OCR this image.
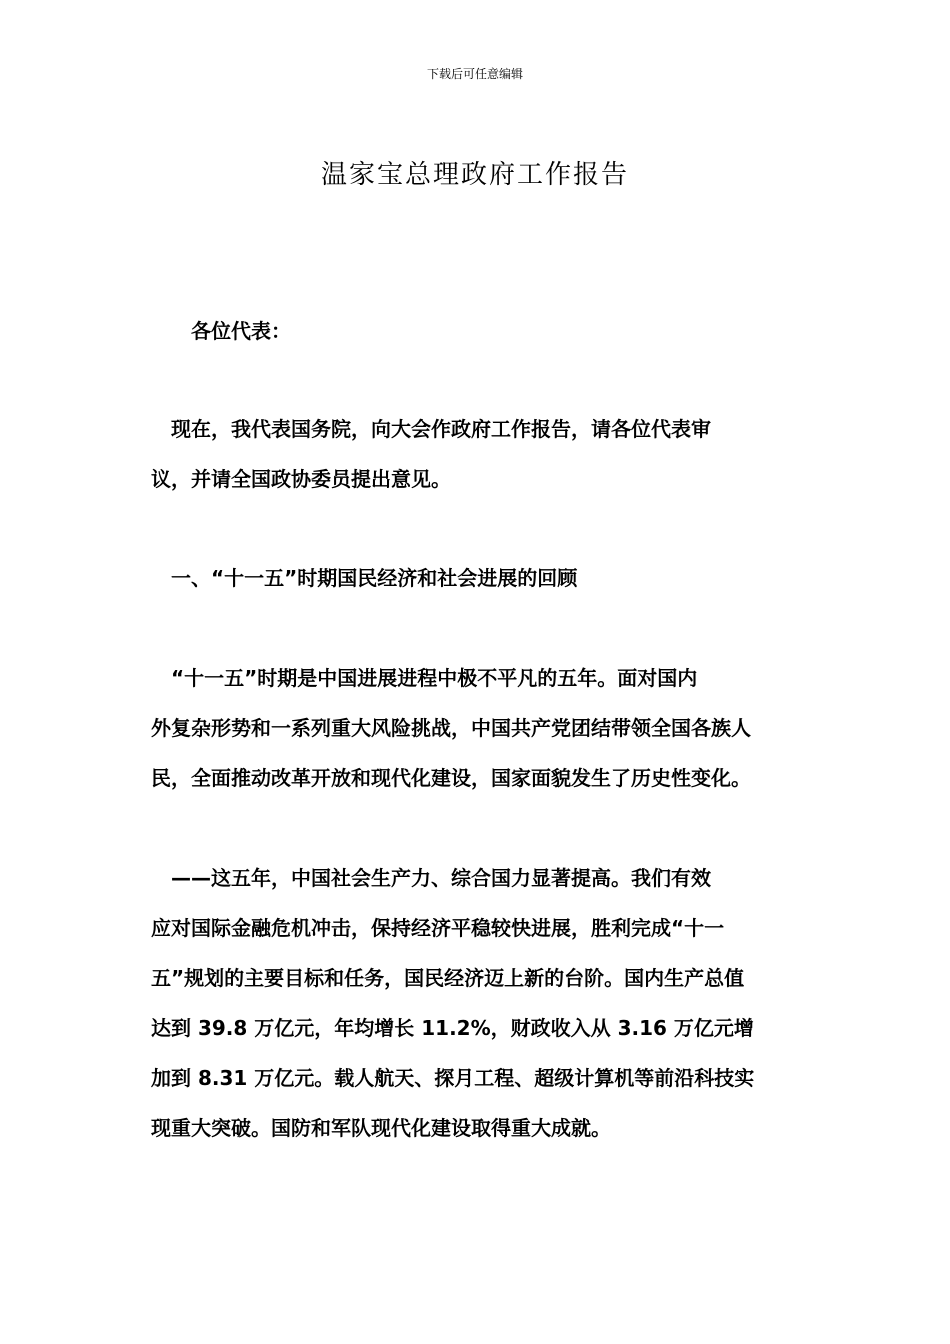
下载后可任意编辑
温家宝总理政府工作报告

各位代表：

　现在，我代表国务院，向大会作政府工作报告，请各位代表审
议，并请全国政协委员提出意见。

　一、“十一五”时期国民经济和社会进展的回顾

　“十一五”时期是中国进展进程中极不平凡的五年。面对国内
外复杂形势和一系列重大风险挑战，中国共产党团结带领全国各族人
民，全面推动改革开放和现代化建设，国家面貌发生了历史性变化。
　——这五年，中国社会生产力、综合国力显著提高。我们有效
应对国际金融危机冲击，保持经济平稳较快进展，胜利完成“十一
五”规划的主要目标和任务，国民经济迈上新的台阶。国内生产总值
达到 39.8 万亿元，年均增长 11.2%，财政收入从 3.16 万亿元增
加到 8.31 万亿元。载人航天、探月工程、超级计算机等前沿科技实
现重大突破。国防和军队现代化建设取得重大成就。
